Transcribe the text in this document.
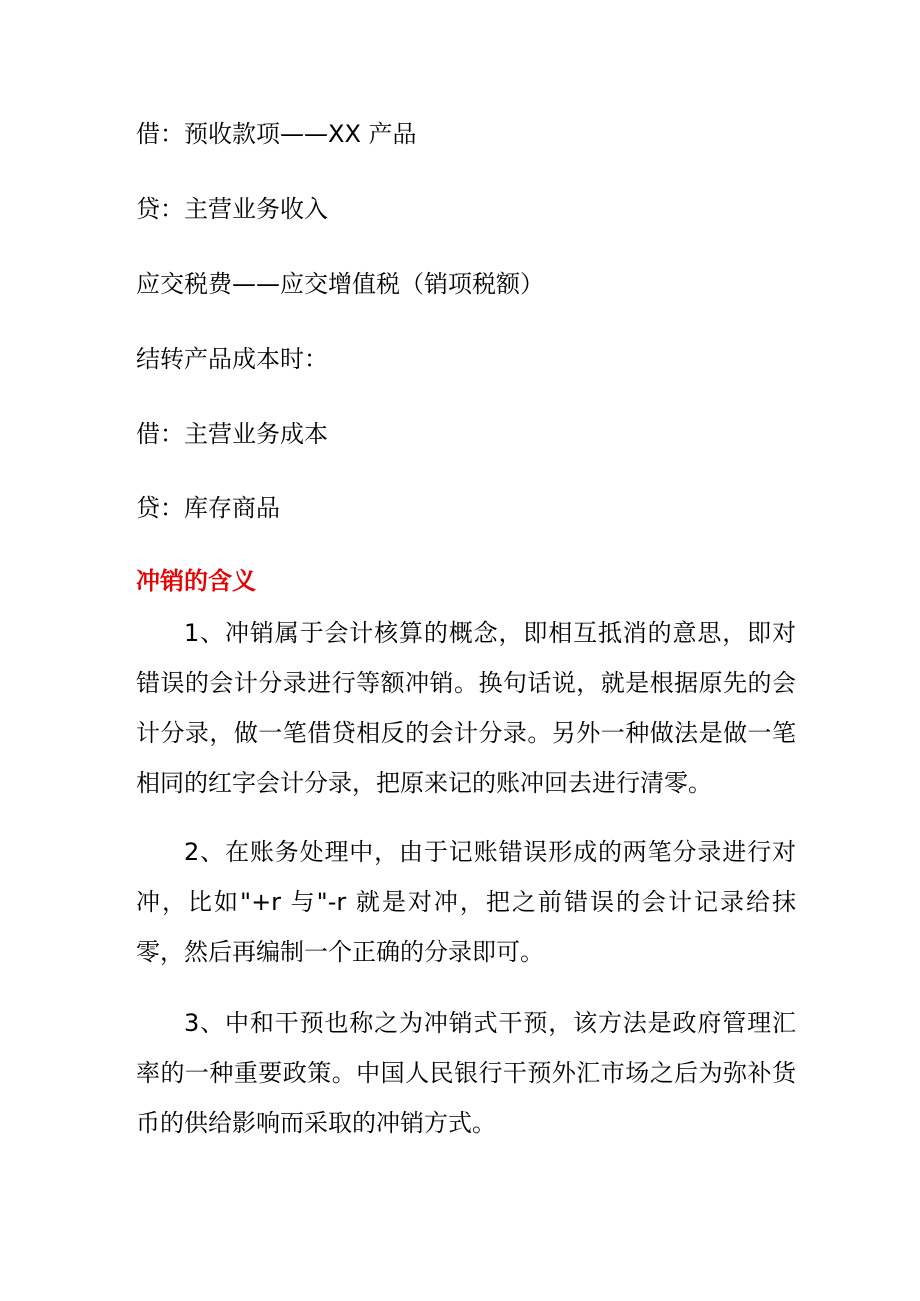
借：预收款项——XX 产品
贷：主营业务收入
应交税费——应交增值税（销项税额）
结转产品成本时：
借：主营业务成本
贷：库存商品
冲销的含义
1、冲销属于会计核算的概念，即相互抵消的意思，即对错误的会计分录进行等额冲销。换句话说，就是根据原先的会计分录，做一笔借贷相反的会计分录。另外一种做法是做一笔相同的红字会计分录，把原来记的账冲回去进行清零。
2、在账务处理中，由于记账错误形成的两笔分录进行对冲，比如"+r 与"-r 就是对冲，把之前错误的会计记录给抹零，然后再编制一个正确的分录即可。
3、中和干预也称之为冲销式干预，该方法是政府管理汇率的一种重要政策。中国人民银行干预外汇市场之后为弥补货币的供给影响而采取的冲销方式。
